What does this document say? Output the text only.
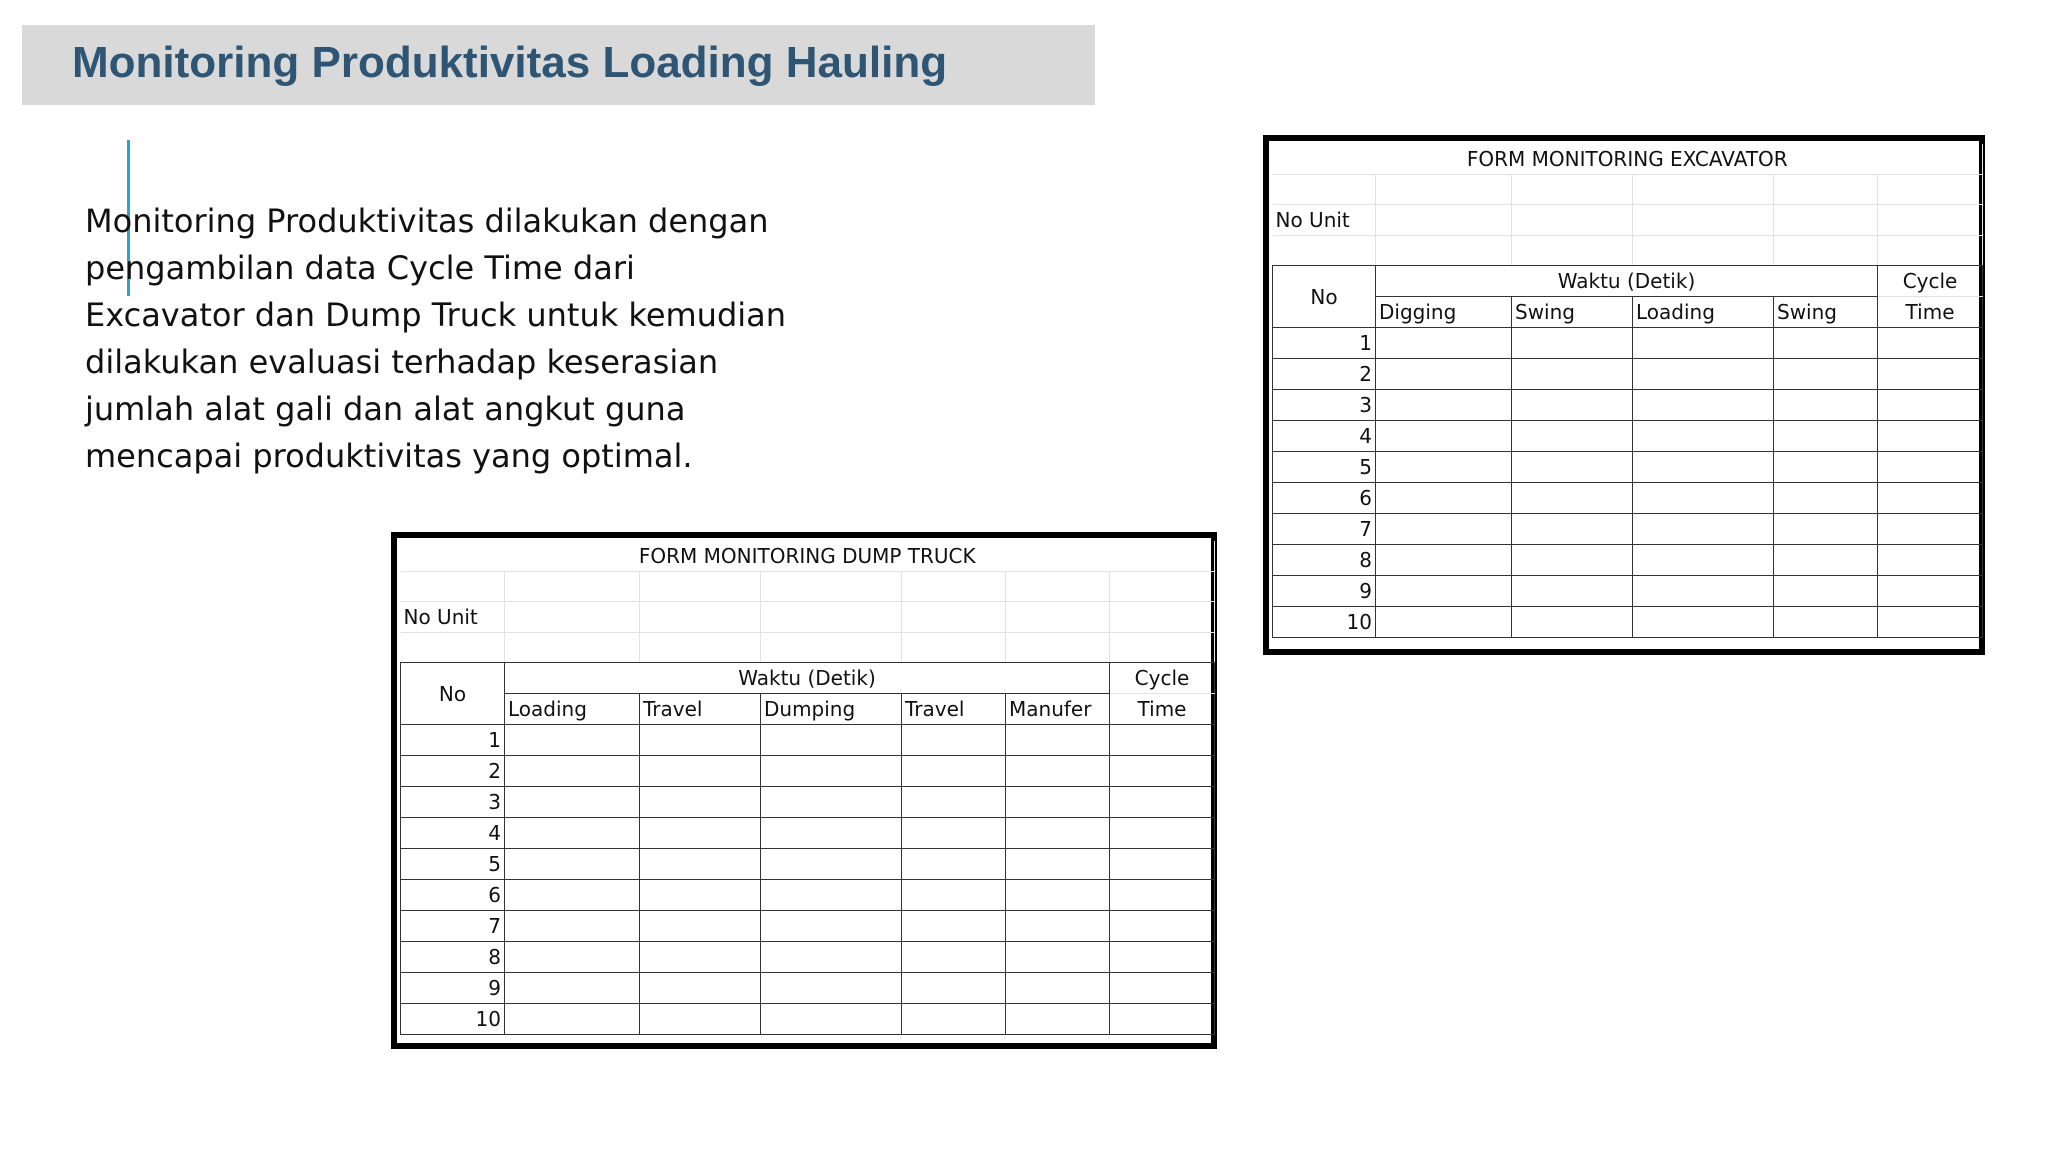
Monitoring Produktivitas Loading Hauling
Monitoring Produktivitas dilakukan dengan
pengambilan data Cycle Time dari
Excavator dan Dump Truck untuk kemudian
dilakukan evaluasi terhadap keserasian
jumlah alat gali dan alat angkut guna
mencapai produktivitas yang optimal.
FORM MONITORING EXCAVATOR					

No Unit					

No	Waktu (Detik)				Cycle
	Digging	Swing	Loading	Swing	Time
1					
2					
3					
4					
5					
6					
7					
8					
9					
10					
FORM MONITORING DUMP TRUCK						

No Unit						

No	Waktu (Detik)					Cycle
	Loading	Travel	Dumping	Travel	Manufer	Time
1						
2						
3						
4						
5						
6						
7						
8						
9						
10						
